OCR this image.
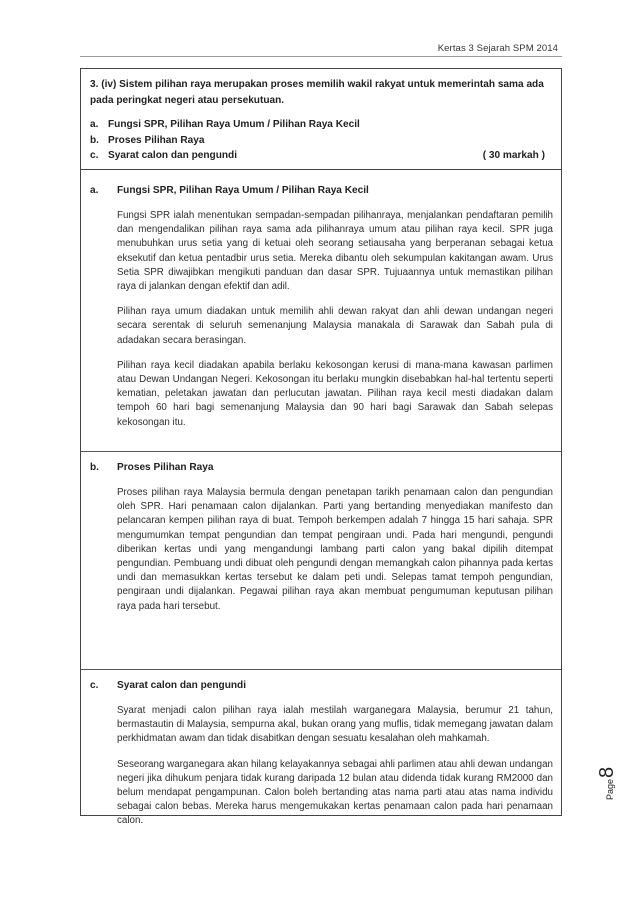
Kertas 3 Sejarah SPM 2014
3. (iv) Sistem pilihan raya merupakan proses memilih wakil rakyat untuk memerintah sama ada pada peringkat negeri atau persekutuan.
a. Fungsi SPR, Pilihan Raya Umum / Pilihan Raya Kecil
b. Proses Pilihan Raya
c. Syarat calon dan pengundi	( 30 markah )
a.	Fungsi SPR, Pilihan Raya Umum / Pilihan Raya Kecil

Fungsi SPR ialah menentukan sempadan-sempadan pilihanraya, menjalankan pendaftaran pemilih dan mengendalikan pilihan raya sama ada pilihanraya umum atau pilihan raya kecil. SPR juga menubuhkan urus setia yang di ketuai oleh seorang setiausaha yang berperanan sebagai ketua eksekutif dan ketua pentadbir urus setia. Mereka dibantu oleh sekumpulan kakitangan awam. Urus Setia SPR diwajibkan mengikuti panduan dan dasar SPR. Tujuaannya untuk memastikan pilihan raya di jalankan dengan efektif dan adil.

Pilihan raya umum diadakan untuk memilih ahli dewan rakyat dan ahli dewan undangan negeri secara serentak di seluruh semenanjung Malaysia manakala di Sarawak dan Sabah pula di adadakan secara berasingan.

Pilihan raya kecil diadakan apabila berlaku kekosongan kerusi di mana-mana kawasan parlimen atau Dewan Undangan Negeri. Kekosongan itu berlaku mungkin disebabkan hal-hal tertentu seperti kematian, peletakan jawatan dan perlucutan jawatan. Pilihan raya kecil mesti diadakan dalam tempoh 60 hari bagi semenanjung Malaysia dan 90 hari bagi Sarawak dan Sabah selepas kekosongan itu.

b.	Proses Pilihan Raya

Proses pilihan raya Malaysia bermula dengan penetapan tarikh penamaan calon dan pengundian oleh SPR. Hari penamaan calon dijalankan. Parti yang bertanding menyediakan manifesto dan pelancaran kempen pilihan raya di buat. Tempoh berkempen adalah 7 hingga 15 hari sahaja. SPR mengumumkan tempat pengundian dan tempat pengiraan undi. Pada hari mengundi, pengundi diberikan kertas undi yang mengandungi lambang parti calon yang bakal dipilih ditempat pengundian. Pembuang undi dibuat oleh pengundi dengan memangkah calon pihannya pada kertas undi dan memasukkan kertas tersebut ke dalam peti undi. Selepas tamat tempoh pengundian, pengiraan undi dijalankan. Pegawai pilihan raya akan membuat pengumuman keputusan pilihan raya pada hari tersebut.

c.	Syarat calon dan pengundi

Syarat menjadi calon pilihan raya ialah mestilah warganegara Malaysia, berumur 21 tahun, bermastautin di Malaysia, sempurna akal, bukan orang yang muflis, tidak memegang jawatan dalam perkhidmatan awam dan tidak disabitkan dengan sesuatu kesalahan oleh mahkamah.

Seseorang warganegara akan hilang kelayakannya sebagai ahli parlimen atau ahli dewan undangan negeri jika dihukum penjara tidak kurang daripada 12 bulan atau didenda tidak kurang RM2000 dan belum mendapat pengampunan. Calon boleh bertanding atas nama parti atau atas nama individu sebagai calon bebas. Mereka harus mengemukakan kertas penamaan calon pada hari penamaan calon.

Page
8
